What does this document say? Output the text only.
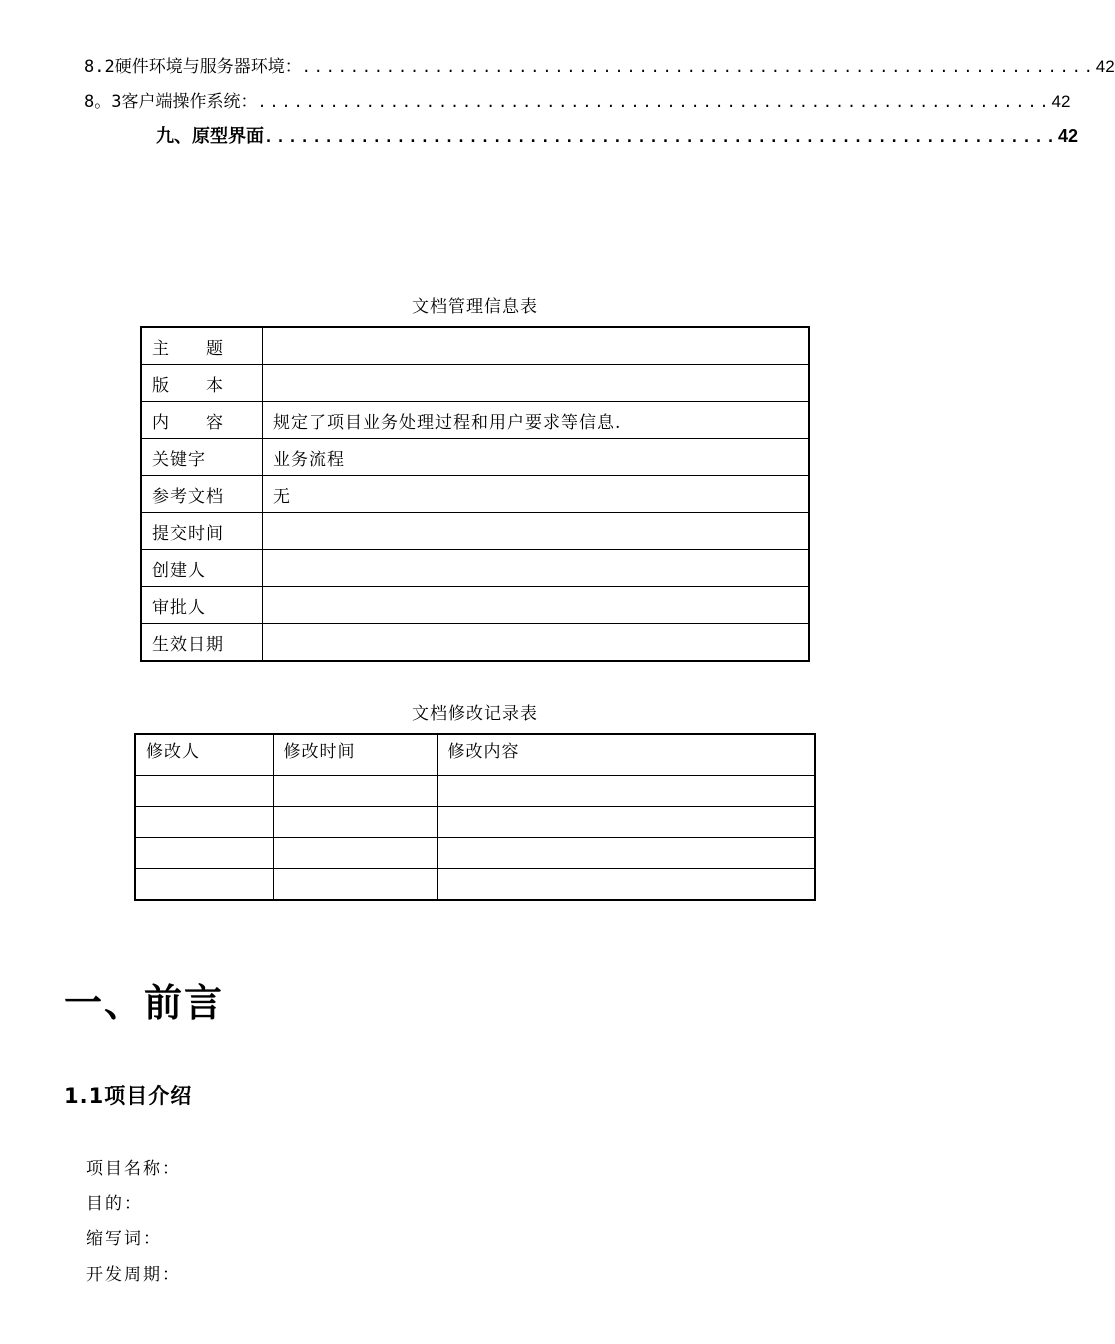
8.2硬件环境与服务器环境： .................................................................. 42
8。3客户端操作系统： .................................................................. 42
九、原型界面 .................................................................. 42
文档管理信息表
主　　题	
版　　本	
内　　容	规定了项目业务处理过程和用户要求等信息.
关键字	业务流程
参考文档	无
提交时间	
创建人	
审批人	
生效日期	
文档修改记录表
修改人	修改时间	修改内容

一、前言
1.1项目介绍
项目名称：
目的：
缩写词：
开发周期：
